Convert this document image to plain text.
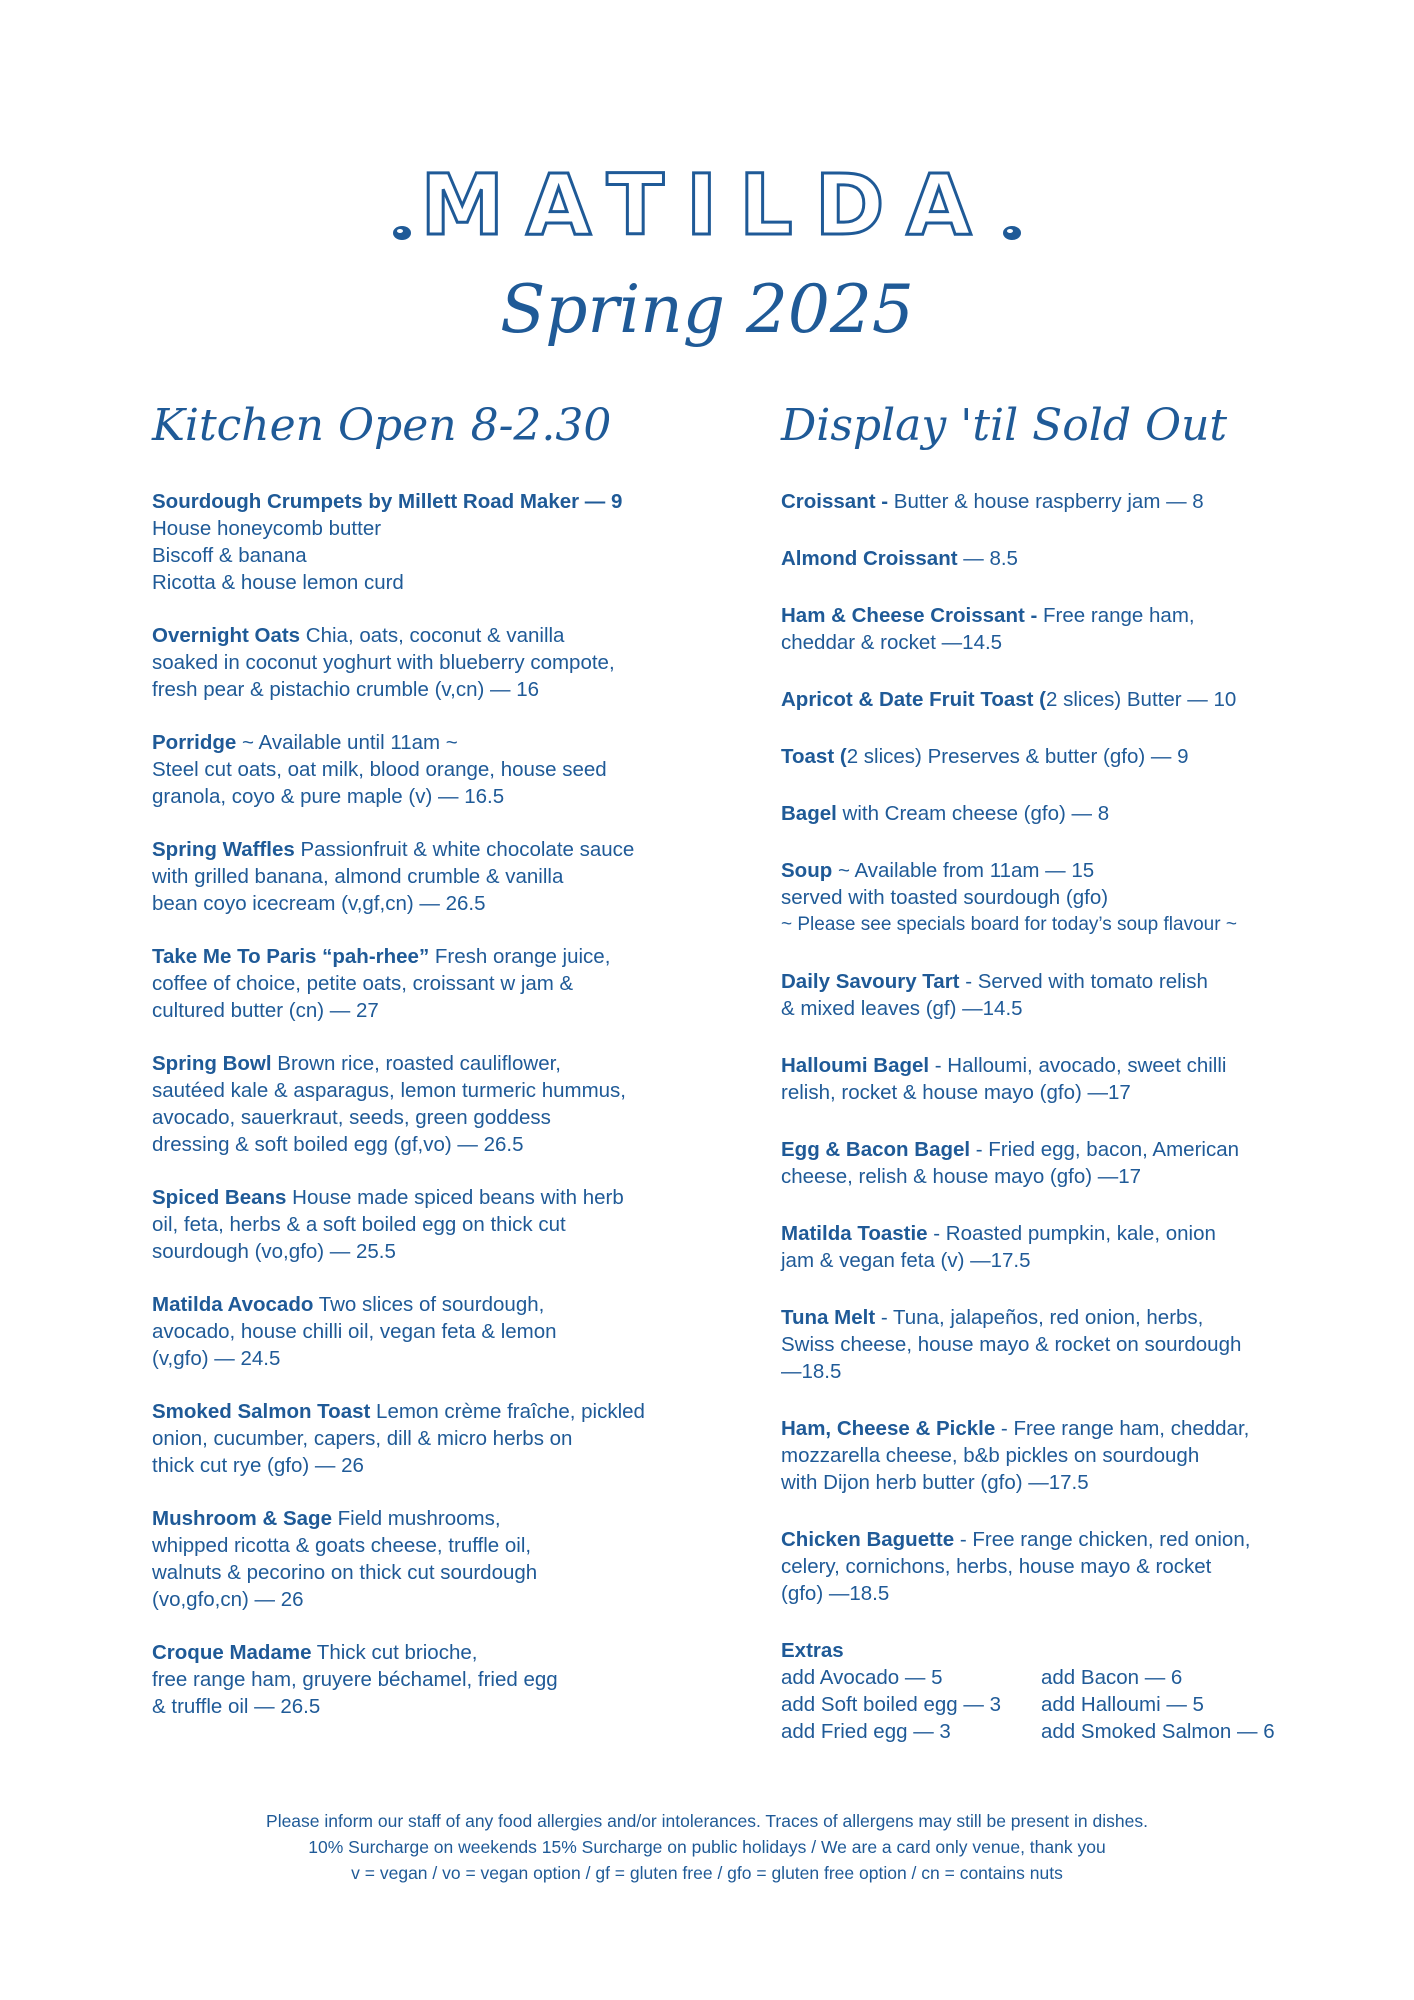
MATILDA
Spring 2025
Kitchen Open 8-2.30	Display 'til Sold Out
Sourdough Crumpets by Millett Road Maker — 9
House honeycomb butter
Biscoff & banana
Ricotta & house lemon curd
Overnight Oats Chia, oats, coconut & vanilla
soaked in coconut yoghurt with blueberry compote,
fresh pear & pistachio crumble (v,cn) — 16
Porridge ~ Available until 11am ~
Steel cut oats, oat milk, blood orange, house seed
granola, coyo & pure maple (v) — 16.5
Spring Waffles Passionfruit & white chocolate sauce
with grilled banana, almond crumble & vanilla
bean coyo icecream (v,gf,cn) — 26.5
Take Me To Paris “pah-rhee” Fresh orange juice,
coffee of choice, petite oats, croissant w jam &
cultured butter (cn) — 27
Spring Bowl Brown rice, roasted cauliflower,
sautéed kale & asparagus, lemon turmeric hummus,
avocado, sauerkraut, seeds, green goddess
dressing & soft boiled egg (gf,vo) — 26.5
Spiced Beans House made spiced beans with herb
oil, feta, herbs & a soft boiled egg on thick cut
sourdough (vo,gfo) — 25.5
Matilda Avocado Two slices of sourdough,
avocado, house chilli oil, vegan feta & lemon
(v,gfo) — 24.5
Smoked Salmon Toast Lemon crème fraîche, pickled
onion, cucumber, capers, dill & micro herbs on
thick cut rye (gfo) — 26
Mushroom & Sage Field mushrooms,
whipped ricotta & goats cheese, truffle oil,
walnuts & pecorino on thick cut sourdough
(vo,gfo,cn) — 26
Croque Madame Thick cut brioche,
free range ham, gruyere béchamel, fried egg
& truffle oil — 26.5
Croissant - Butter & house raspberry jam — 8
Almond Croissant — 8.5
Ham & Cheese Croissant - Free range ham,
cheddar & rocket —14.5
Apricot & Date Fruit Toast (2 slices) Butter — 10
Toast (2 slices) Preserves & butter (gfo) — 9
Bagel with Cream cheese (gfo) — 8
Soup ~ Available from 11am — 15
served with toasted sourdough (gfo)
~ Please see specials board for today’s soup flavour ~
Daily Savoury Tart - Served with tomato relish
& mixed leaves (gf) —14.5
Halloumi Bagel - Halloumi, avocado, sweet chilli
relish, rocket & house mayo (gfo) —17
Egg & Bacon Bagel - Fried egg, bacon, American
cheese, relish & house mayo (gfo) —17
Matilda Toastie - Roasted pumpkin, kale, onion
jam & vegan feta (v) —17.5
Tuna Melt - Tuna, jalapeños, red onion, herbs,
Swiss cheese, house mayo & rocket on sourdough
—18.5
Ham, Cheese & Pickle - Free range ham, cheddar,
mozzarella cheese, b&b pickles on sourdough
with Dijon herb butter (gfo) —17.5
Chicken Baguette - Free range chicken, red onion,
celery, cornichons, herbs, house mayo & rocket
(gfo) —18.5
Extras
add Avocado — 5	add Bacon — 6
add Soft boiled egg — 3	add Halloumi — 5
add Fried egg — 3	add Smoked Salmon — 6
Please inform our staff of any food allergies and/or intolerances. Traces of allergens may still be present in dishes.
10% Surcharge on weekends 15% Surcharge on public holidays / We are a card only venue, thank you
v = vegan / vo = vegan option / gf = gluten free / gfo = gluten free option / cn = contains nuts
